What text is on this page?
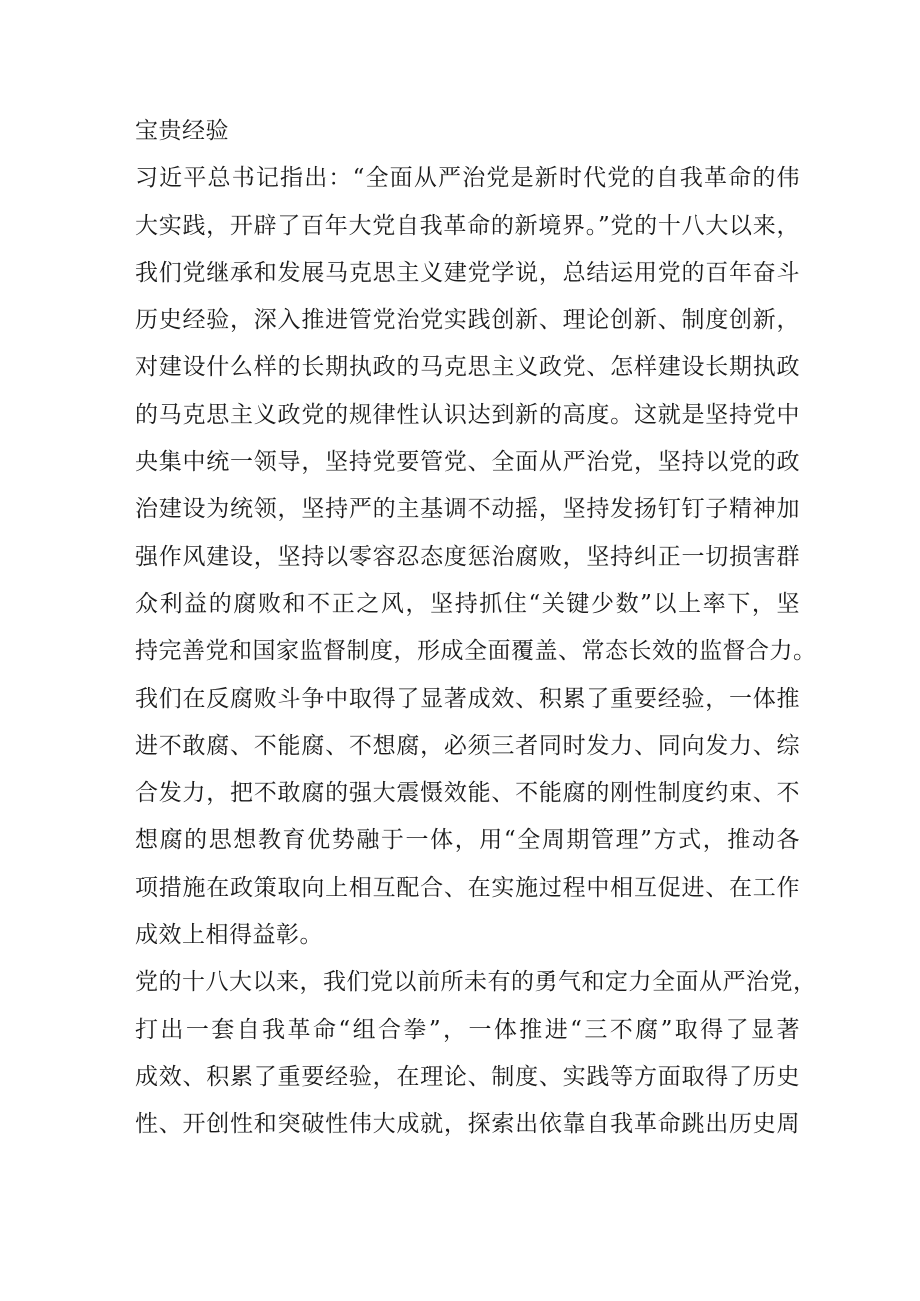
宝贵经验
习近平总书记指出：“全面从严治党是新时代党的自我革命的伟
大实践，开辟了百年大党自我革命的新境界。”党的十八大以来，
我们党继承和发展马克思主义建党学说，总结运用党的百年奋斗
历史经验，深入推进管党治党实践创新、理论创新、制度创新，
对建设什么样的长期执政的马克思主义政党、怎样建设长期执政
的马克思主义政党的规律性认识达到新的高度。这就是坚持党中
央集中统一领导，坚持党要管党、全面从严治党，坚持以党的政
治建设为统领，坚持严的主基调不动摇，坚持发扬钉钉子精神加
强作风建设，坚持以零容忍态度惩治腐败，坚持纠正一切损害群
众利益的腐败和不正之风，坚持抓住“关键少数”以上率下，坚
持完善党和国家监督制度，形成全面覆盖、常态长效的监督合力。
我们在反腐败斗争中取得了显著成效、积累了重要经验，一体推
进不敢腐、不能腐、不想腐，必须三者同时发力、同向发力、综
合发力，把不敢腐的强大震慑效能、不能腐的刚性制度约束、不
想腐的思想教育优势融于一体，用“全周期管理”方式，推动各
项措施在政策取向上相互配合、在实施过程中相互促进、在工作
成效上相得益彰。
党的十八大以来，我们党以前所未有的勇气和定力全面从严治党，
打出一套自我革命“组合拳”，一体推进“三不腐”取得了显著
成效、积累了重要经验，在理论、制度、实践等方面取得了历史
性、开创性和突破性伟大成就，探索出依靠自我革命跳出历史周
